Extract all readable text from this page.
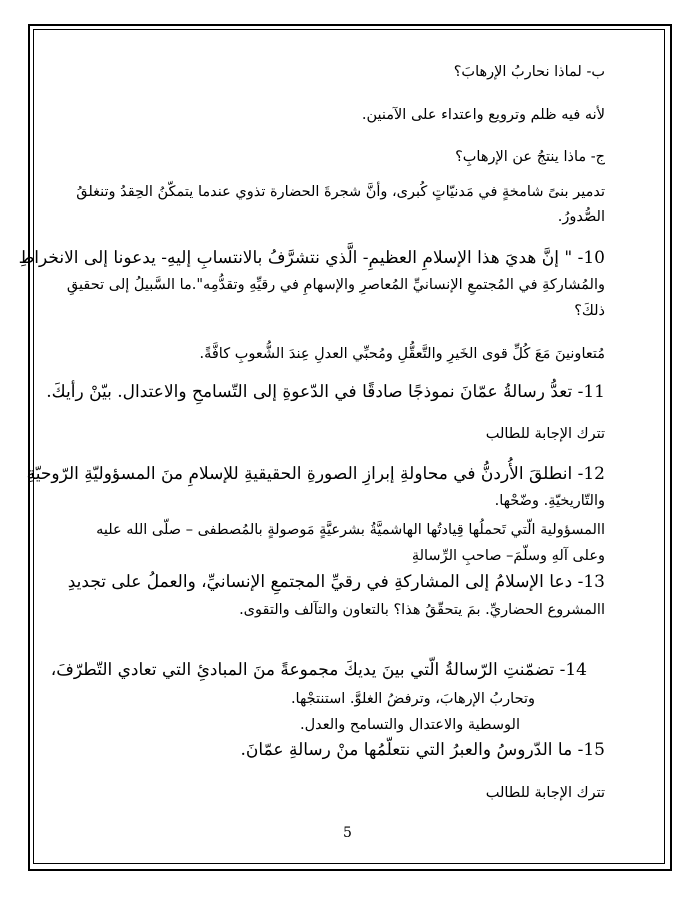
ب- لماذا نحاربُ الإرهابَ؟
لأنه فيه ظلم وترويع واعتداء على الآمنين.
ج- ماذا ينتجُ عن الإرهابِ؟
تدمير بنىً شامخةٍ في مَدنيّاتٍ كُبرى، وأنَّ شجرةَ الحضارة تذوي عندما يتمكّنُ الحِقدُ وتنغلقُ
الصُّدورُ.
10- " إنَّ هديَ هذا الإسلامِ العظيمِ- الَّذي نتشرَّفُ بالانتسابِ إليهِ- يدعونا إلى الانخراطِ
والمُشاركةِ في المُجتمعِ الإنسانيِّ المُعاصرِ والإسهامِ في رقيِّهِ وتقدُّمِه".ما السَّبيلُ إلى تحقيقِ
ذلكَ؟
مُتعاونينَ مَعَ كُلِّ قوى الخَيرِ والتَّعقُّلِ ومُحبِّي العدلِ عِندَ الشُّعوبِ كافَّةً.
11- تعدُّ رسالةُ عمّانَ نموذجًا صادقًا في الدّعوةِ إلى التّسامحِ والاعتدال. بيّنْ رأيكَ.
تترك الإجابة للطالب
12- انطلقَ الأُردنُّ في محاولةِ إبرازِ الصورةِ الحقيقيةِ للإسلامِ منَ المسؤوليّةِ الرّوحيّةِ
والتّاريخيّةِ. وضّحْها.
االمسؤولية الّتي تَحملُها قِيادتُها الهاشميَّةُ بشرعيَّةٍ مَوصولةٍ بالمُصطفى – صلّى الله عليه
وعلى آلهِ وسلّمَ– صاحبِ الرِّسالةِ
13- دعا الإسلامُ إلى المشاركةِ في رقيِّ المجتمعِ الإنسانيِّ، والعملُ على تجديدِ
االمشروع الحضاريِّ. بمَ يتحقّقُ هذا؟ بالتعاون والتآلف والتقوى.
14- تضمّنتِ الرّسالةُ الّتي بينَ يديكَ مجموعةً منَ المبادئِ التي تعادي التّطرّفَ،
وتحاربُ الإرهابَ، وترفضُ الغلوَّ. استنتجْها.
الوسطية والاعتدال والتسامح والعدل.
15- ما الدّروسُ والعبرُ التي نتعلّمُها منْ رسالةِ عمّانَ.
تترك الإجابة للطالب
5
